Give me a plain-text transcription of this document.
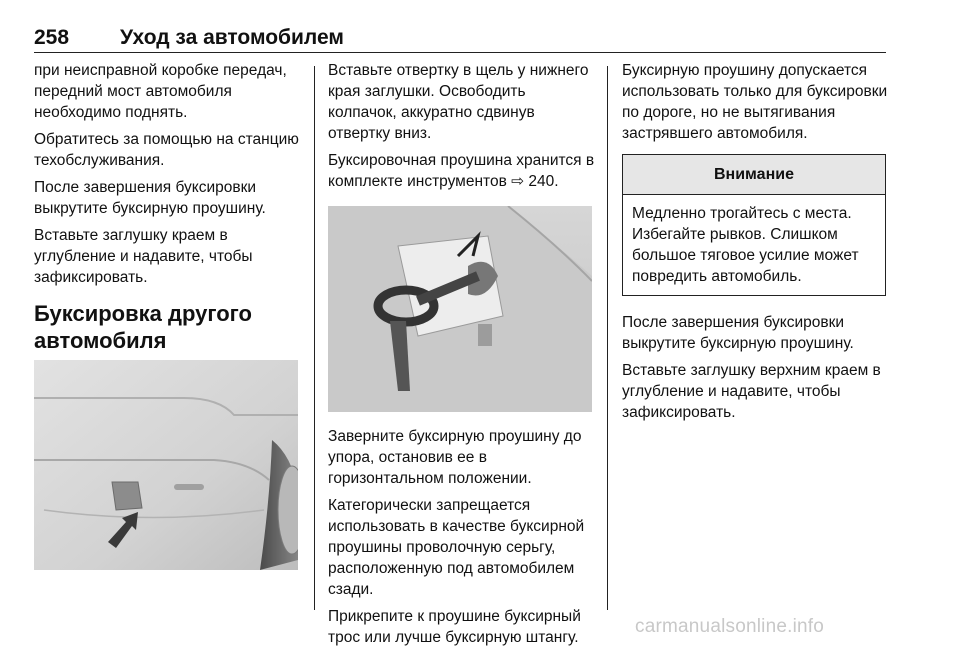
258 Уход за автомобилем

при неисправной коробке передач, передний мост автомобиля необходимо поднять.

Обратитесь за помощью на станцию техобслуживания.

После завершения буксировки выкрутите буксирную проушину.

Вставьте заглушку краем в углубление и надавите, чтобы зафиксировать.

Буксировка другого автомобиля

Вставьте отвертку в щель у нижнего края заглушки. Освободить колпачок, аккуратно сдвинув отвертку вниз.

Буксировочная проушина хранится в комплекте инструментов ⇨ 240.

Заверните буксирную проушину до упора, остановив ее в горизонтальном положении.

Категорически запрещается использовать в качестве буксирной проушины проволочную серьгу, расположенную под автомобилем сзади.

Прикрепите к проушине буксирный трос или лучше буксирную штангу.

Буксирную проушину допускается использовать только для буксировки по дороге, но не вытягивания застрявшего автомобиля.

Внимание
Медленно трогайтесь с места. Избегайте рывков. Слишком большое тяговое усилие может повредить автомобиль.

После завершения буксировки выкрутите буксирную проушину.

Вставьте заглушку верхним краем в углубление и надавите, чтобы зафиксировать.

carmanualsonline.info
